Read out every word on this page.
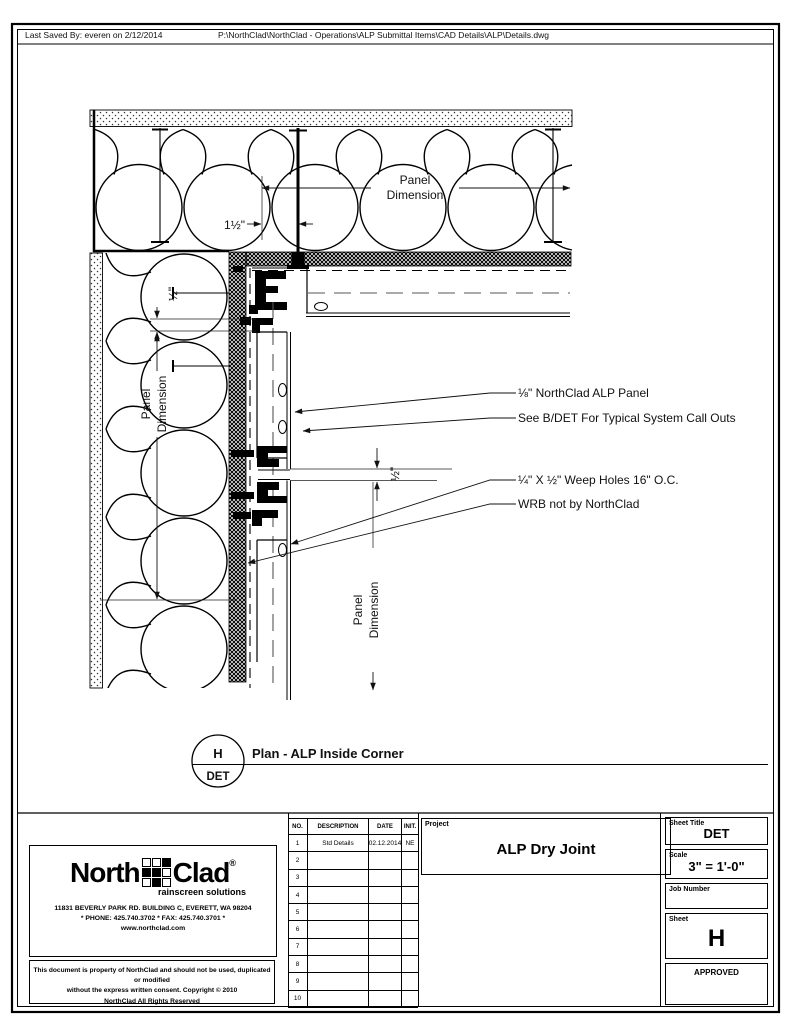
Last Saved By: everen on 2/12/2014	P:\NorthClad\NorthClad - Operations\ALP Submittal Items\CAD Details\ALP\Details.dwg
Panel
Dimension
1½"
½"
Panel Dimension
½"
Panel Dimension
⅛" NorthClad ALP Panel
See B/DET For Typical System Call Outs
¼" X ½" Weep Holes 16" O.C.
WRB not by NorthClad
H
DET
Plan - ALP Inside Corner
North Clad ®
rainscreen solutions
11831 BEVERLY PARK RD. BUILDING C, EVERETT, WA 98204
* PHONE: 425.740.3702 * FAX: 425.740.3701 *
www.northclad.com
This document is property of NorthClad and should not be used, duplicated or modified
without the express written consent. Copyright © 2010
NorthClad All Rights Reserved
NO.	DESCRIPTION	DATE	INIT.
1	Std Details	02.12.2014 NE
2
3
4
5
6
7
8
9
10
Project
ALP Dry Joint
Sheet Title
DET
Scale
3" = 1'-0"
Job Number
Sheet
H
APPROVED
